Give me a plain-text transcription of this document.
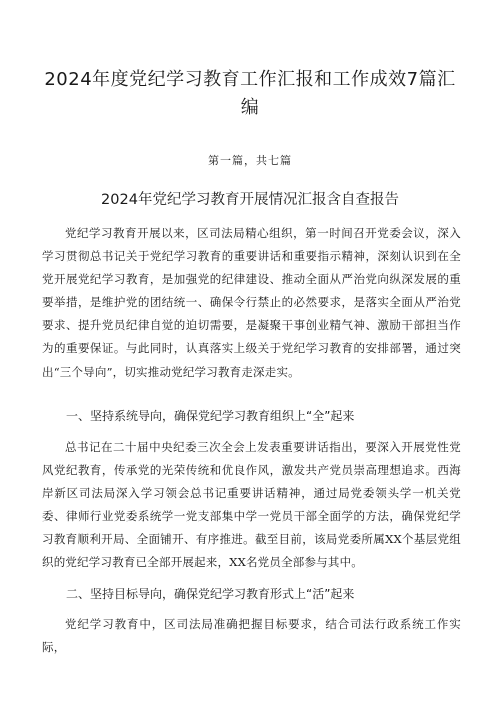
2024年度党纪学习教育工作汇报和工作成效7篇汇编

第一篇，共七篇

2024年党纪学习教育开展情况汇报含自查报告

党纪学习教育开展以来，区司法局精心组织，第一时间召开党委会议，深入学习贯彻总书记关于党纪学习教育的重要讲话和重要指示精神，深刻认识到在全党开展党纪学习教育，是加强党的纪律建设、推动全面从严治党向纵深发展的重要举措，是维护党的团结统一、确保令行禁止的必然要求，是落实全面从严治党要求、提升党员纪律自觉的迫切需要，是凝聚干事创业精气神、激励干部担当作为的重要保证。与此同时，认真落实上级关于党纪学习教育的安排部署，通过突出“三个导向”，切实推动党纪学习教育走深走实。

一、坚持系统导向，确保党纪学习教育组织上“全”起来

总书记在二十届中央纪委三次全会上发表重要讲话指出，要深入开展党性党风党纪教育，传承党的光荣传统和优良作风，激发共产党员崇高理想追求。西海岸新区司法局深入学习领会总书记重要讲话精神，通过局党委领头学一机关党委、律师行业党委系统学一党支部集中学一党员干部全面学的方法，确保党纪学习教育顺利开局、全面铺开、有序推进。截至目前，该局党委所属XX个基层党组织的党纪学习教育已全部开展起来，XX名党员全部参与其中。

二、坚持目标导向，确保党纪学习教育形式上“活”起来

党纪学习教育中，区司法局准确把握目标要求，结合司法行政系统工作实际，
